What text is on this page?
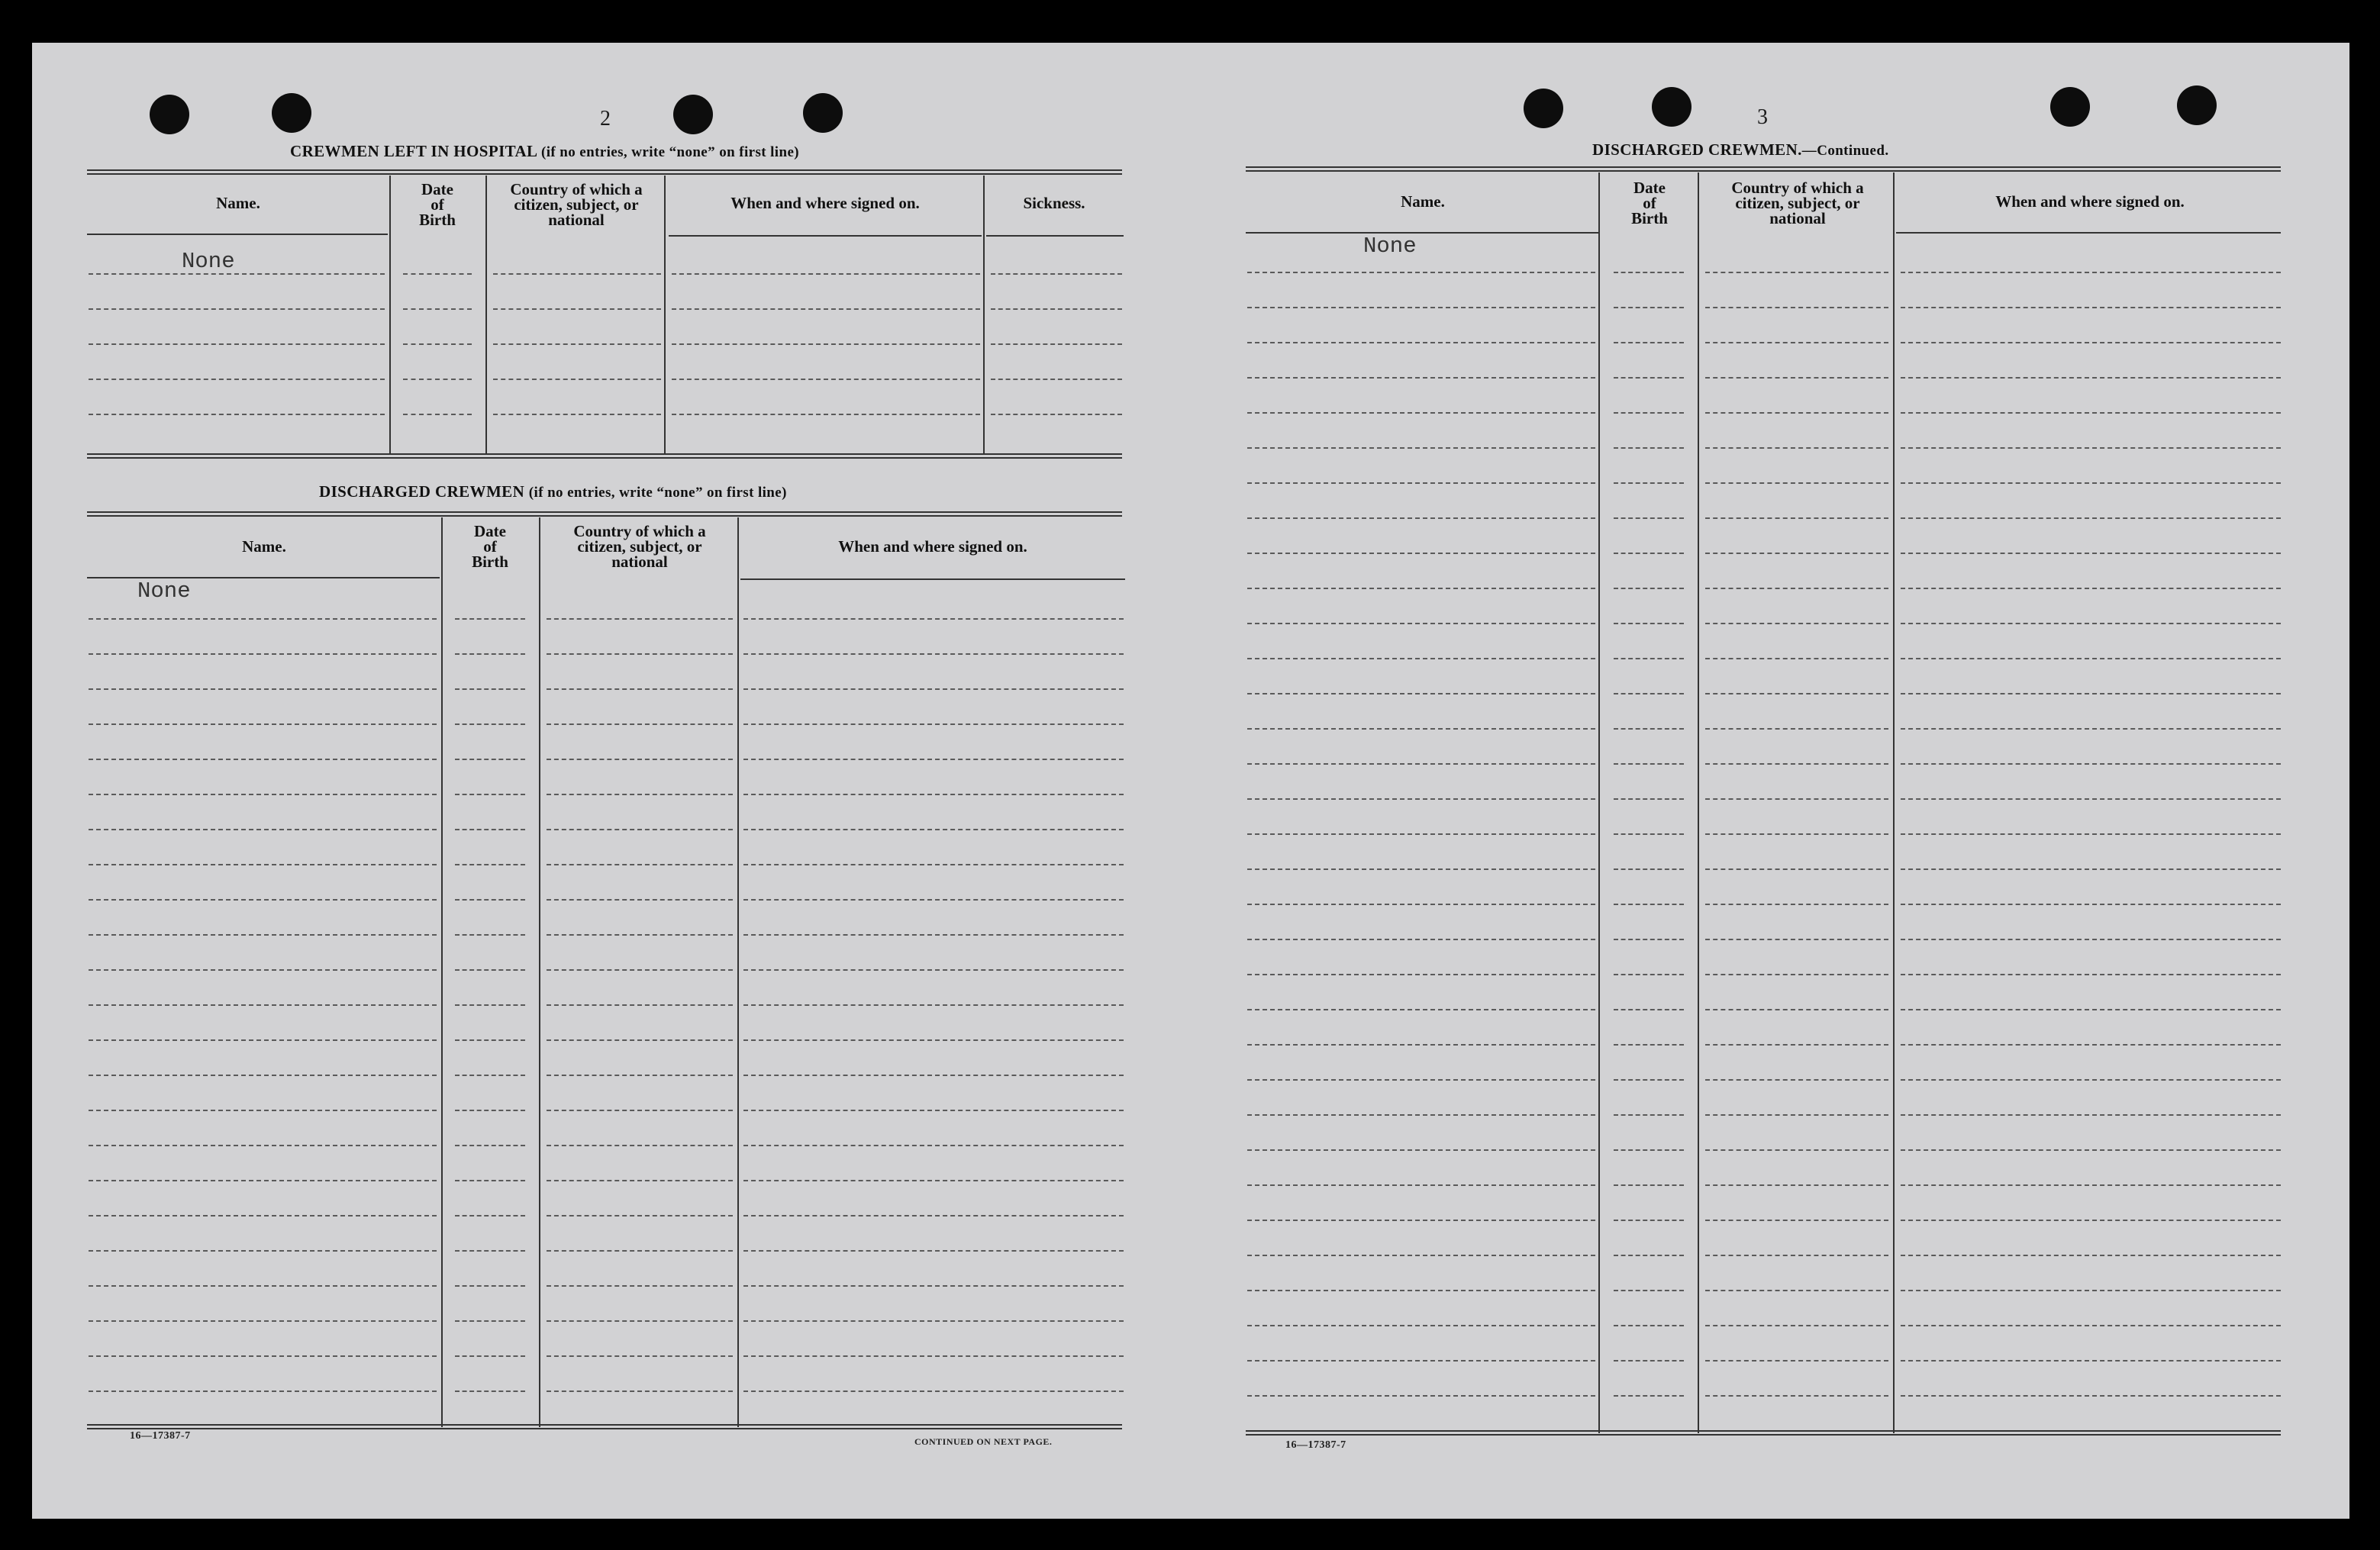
2
CREWMEN LEFT IN HOSPITAL (if no entries, write “none” on first line)
Name.
Date
of
Birth
Country of which a
citizen, subject, or
national
When and where signed on.	Sickness.
None
DISCHARGED CREWMEN (if no entries, write “none” on first line)
Name.
Date
of
Birth
Country of which a
citizen, subject, or
national
When and where signed on.
None
16—17387-7	CONTINUED ON NEXT PAGE.
3
DISCHARGED CREWMEN.—Continued.
Name.
Date
of
Birth
Country of which a
citizen, subject, or
national
When and where signed on.
None
16—17387-7
